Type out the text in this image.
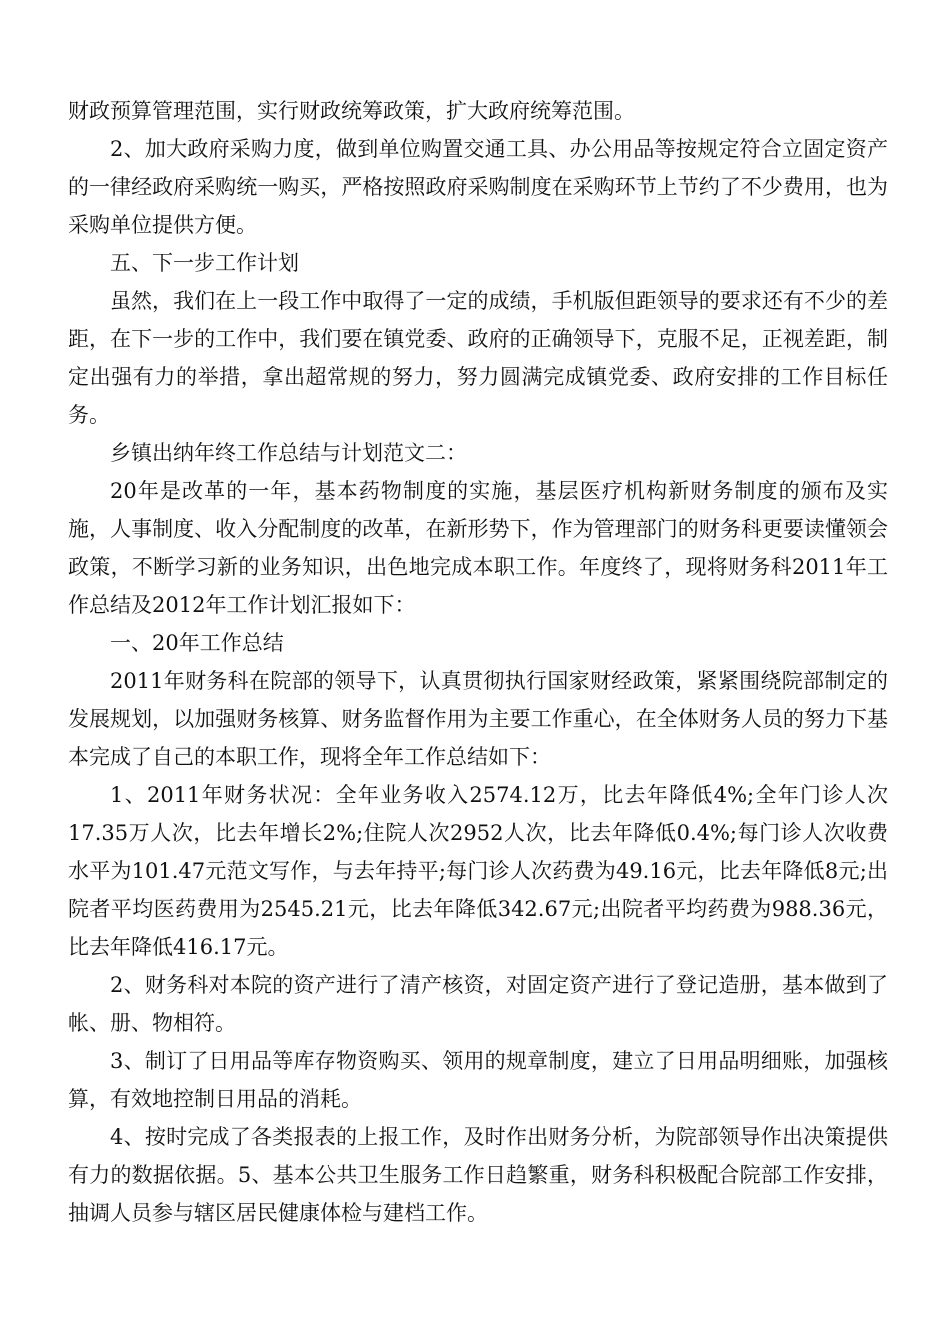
财政预算管理范围，实行财政统筹政策，扩大政府统筹范围。

2、加大政府采购力度，做到单位购置交通工具、办公用品等按规定符合立固定资产的一律经政府采购统一购买，严格按照政府采购制度在采购环节上节约了不少费用，也为采购单位提供方便。

五、下一步工作计划

虽然，我们在上一段工作中取得了一定的成绩，手机版但距领导的要求还有不少的差距，在下一步的工作中，我们要在镇党委、政府的正确领导下，克服不足，正视差距，制定出强有力的举措，拿出超常规的努力，努力圆满完成镇党委、政府安排的工作目标任务。

乡镇出纳年终工作总结与计划范文二：

20年是改革的一年，基本药物制度的实施，基层医疗机构新财务制度的颁布及实施，人事制度、收入分配制度的改革，在新形势下，作为管理部门的财务科更要读懂领会政策，不断学习新的业务知识，出色地完成本职工作。年度终了，现将财务科2011年工作总结及2012年工作计划汇报如下：

一、20年工作总结

2011年财务科在院部的领导下，认真贯彻执行国家财经政策，紧紧围绕院部制定的发展规划，以加强财务核算、财务监督作用为主要工作重心，在全体财务人员的努力下基本完成了自己的本职工作，现将全年工作总结如下：

1、2011年财务状况：全年业务收入2574.12万，比去年降低4%;全年门诊人次17.35万人次，比去年增长2%;住院人次2952人次，比去年降低0.4%;每门诊人次收费水平为101.47元范文写作，与去年持平;每门诊人次药费为49.16元，比去年降低8元;出院者平均医药费用为2545.21元，比去年降低342.67元;出院者平均药费为988.36元，比去年降低416.17元。

2、财务科对本院的资产进行了清产核资，对固定资产进行了登记造册，基本做到了帐、册、物相符。

3、制订了日用品等库存物资购买、领用的规章制度，建立了日用品明细账，加强核算，有效地控制日用品的消耗。

4、按时完成了各类报表的上报工作，及时作出财务分析，为院部领导作出决策提供有力的数据依据。5、基本公共卫生服务工作日趋繁重，财务科积极配合院部工作安排，抽调人员参与辖区居民健康体检与建档工作。
